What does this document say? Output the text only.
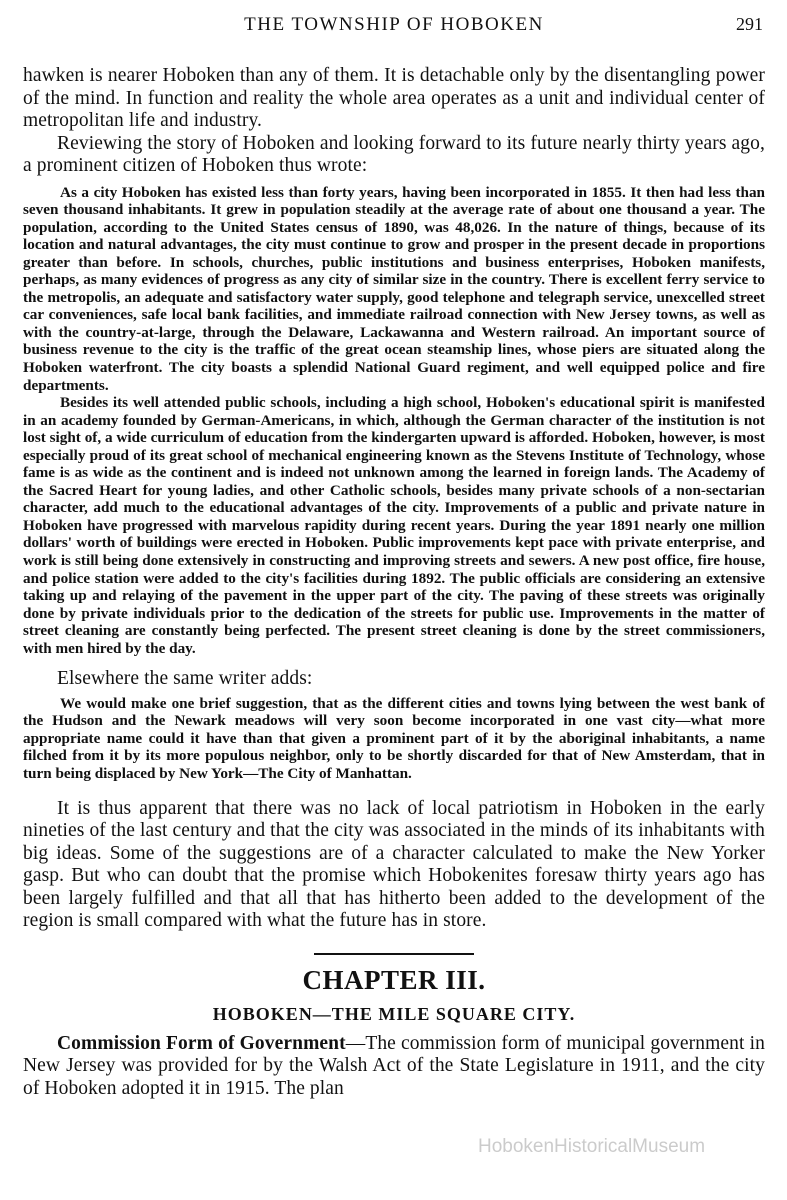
THE TOWNSHIP OF HOBOKEN	291

hawken is nearer Hoboken than any of them. It is detachable only by the disentangling power of the mind. In function and reality the whole area operates as a unit and individual center of metropolitan life and industry.

Reviewing the story of Hoboken and looking forward to its future nearly thirty years ago, a prominent citizen of Hoboken thus wrote:

As a city Hoboken has existed less than forty years, having been incorporated in 1855. It then had less than seven thousand inhabitants. It grew in population steadily at the average rate of about one thousand a year. The population, according to the United States census of 1890, was 48,026. In the nature of things, because of its location and natural advantages, the city must continue to grow and prosper in the present decade in proportions greater than before. In schools, churches, public institutions and business enterprises, Hoboken manifests, perhaps, as many evidences of progress as any city of similar size in the country. There is excellent ferry service to the metropolis, an adequate and satisfactory water supply, good telephone and telegraph service, unexcelled street car conveniences, safe local bank facilities, and immediate railroad connection with New Jersey towns, as well as with the country-at-large, through the Delaware, Lackawanna and Western railroad. An important source of business revenue to the city is the traffic of the great ocean steamship lines, whose piers are situated along the Hoboken waterfront. The city boasts a splendid National Guard regiment, and well equipped police and fire departments.

Besides its well attended public schools, including a high school, Hoboken's educational spirit is manifested in an academy founded by German-Americans, in which, although the German character of the institution is not lost sight of, a wide curriculum of education from the kindergarten upward is afforded. Hoboken, however, is most especially proud of its great school of mechanical engineering known as the Stevens Institute of Technology, whose fame is as wide as the continent and is indeed not unknown among the learned in foreign lands. The Academy of the Sacred Heart for young ladies, and other Catholic schools, besides many private schools of a non-sectarian character, add much to the educational advantages of the city. Improvements of a public and private nature in Hoboken have progressed with marvelous rapidity during recent years. During the year 1891 nearly one million dollars' worth of buildings were erected in Hoboken. Public improvements kept pace with private enterprise, and work is still being done extensively in constructing and improving streets and sewers. A new post office, fire house, and police station were added to the city's facilities during 1892. The public officials are considering an extensive taking up and relaying of the pavement in the upper part of the city. The paving of these streets was originally done by private individuals prior to the dedication of the streets for public use. Improvements in the matter of street cleaning are constantly being perfected. The present street cleaning is done by the street commissioners, with men hired by the day.

Elsewhere the same writer adds:

We would make one brief suggestion, that as the different cities and towns lying between the west bank of the Hudson and the Newark meadows will very soon become incorporated in one vast city—what more appropriate name could it have than that given a prominent part of it by the aboriginal inhabitants, a name filched from it by its more populous neighbor, only to be shortly discarded for that of New Amsterdam, that in turn being displaced by New York—The City of Manhattan.

It is thus apparent that there was no lack of local patriotism in Hoboken in the early nineties of the last century and that the city was associated in the minds of its inhabitants with big ideas. Some of the suggestions are of a character calculated to make the New Yorker gasp. But who can doubt that the promise which Hobokenites foresaw thirty years ago has been largely fulfilled and that all that has hitherto been added to the development of the region is small compared with what the future has in store.

CHAPTER III.
HOBOKEN—THE MILE SQUARE CITY.

Commission Form of Government—The commission form of municipal government in New Jersey was provided for by the Walsh Act of the State Legislature in 1911, and the city of Hoboken adopted it in 1915. The plan

HobokenHistoricalMuseum
